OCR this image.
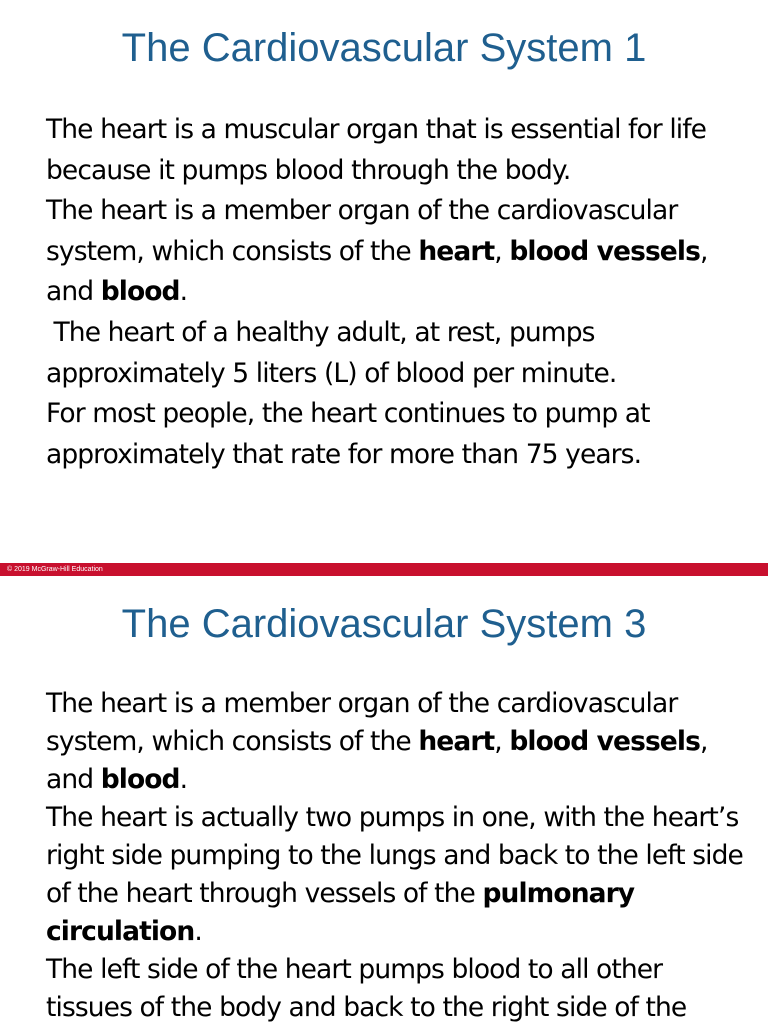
The Cardiovascular System 1

The heart is a muscular organ that is essential for life because it pumps blood through the body.

The heart is a member organ of the cardiovascular system, which consists of the heart, blood vessels, and blood.

The heart of a healthy adult, at rest, pumps approximately 5 liters (L) of blood per minute.

For most people, the heart continues to pump at approximately that rate for more than 75 years.

© 2019 McGraw-Hill Education
The Cardiovascular System 3

The heart is a member organ of the cardiovascular system, which consists of the heart, blood vessels, and blood.

The heart is actually two pumps in one, with the heart’s right side pumping to the lungs and back to the left side of the heart through vessels of the pulmonary circulation.

The left side of the heart pumps blood to all other tissues of the body and back to the right side of the
